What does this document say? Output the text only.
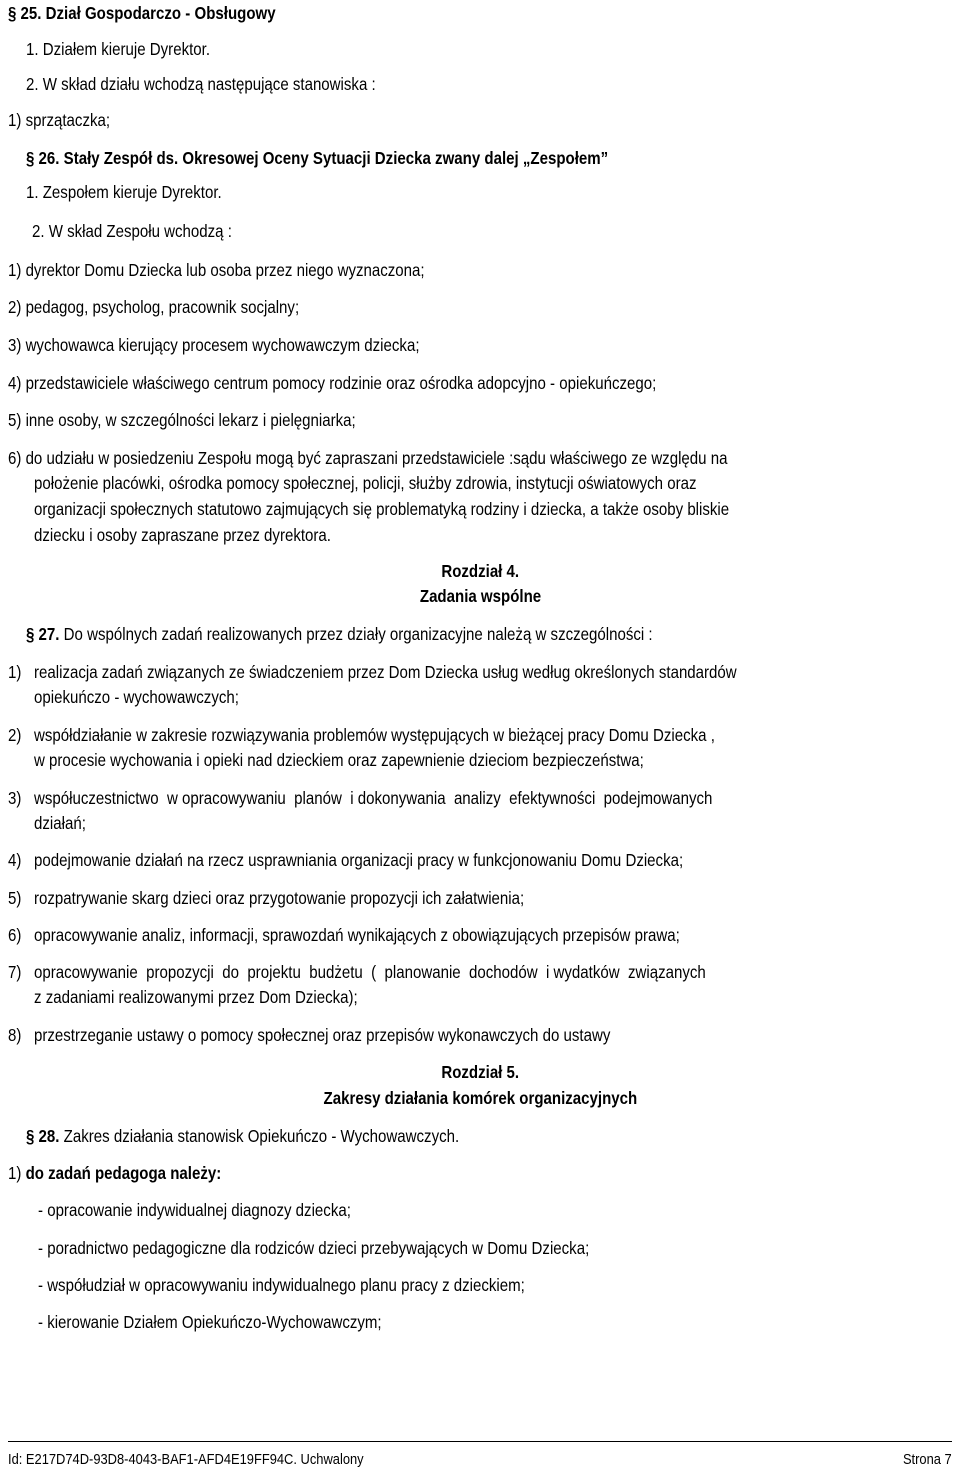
§ 25. Dział Gospodarczo - Obsługowy
1. Działem kieruje Dyrektor.
2. W skład działu wchodzą następujące stanowiska :
1) sprzątaczka;
§ 26. Stały Zespół ds. Okresowej Oceny Sytuacji Dziecka zwany dalej „Zespołem”
1. Zespołem kieruje Dyrektor.
2. W skład Zespołu wchodzą :
1) dyrektor Domu Dziecka lub osoba przez niego wyznaczona;
2) pedagog, psycholog, pracownik socjalny;
3) wychowawca kierujący procesem wychowawczym dziecka;
4) przedstawiciele właściwego centrum pomocy rodzinie oraz ośrodka adopcyjno - opiekuńczego;
5) inne osoby, w szczególności lekarz i pielęgniarka;
6) do udziału w posiedzeniu Zespołu mogą być zapraszani przedstawiciele :sądu właściwego ze względu na
położenie placówki, ośrodka pomocy społecznej, policji, służby zdrowia, instytucji oświatowych oraz
organizacji społecznych statutowo zajmujących się problematyką rodziny i dziecka, a także osoby bliskie
dziecku i osoby zapraszane przez dyrektora.
Rozdział 4.
Zadania wspólne
§ 27. Do wspólnych zadań realizowanych przez działy organizacyjne należą w szczególności :
1) realizacja zadań związanych ze świadczeniem przez Dom Dziecka usług według określonych standardów
opiekuńczo - wychowawczych;
2) współdziałanie w zakresie rozwiązywania problemów występujących w bieżącej pracy Domu Dziecka ,
w procesie wychowania i opieki nad dzieckiem oraz zapewnienie dzieciom bezpieczeństwa;
3) współuczestnictwo  w opracowywaniu  planów  i dokonywania  analizy  efektywności  podejmowanych
działań;
4) podejmowanie działań na rzecz usprawniania organizacji pracy w funkcjonowaniu Domu Dziecka;
5) rozpatrywanie skarg dzieci oraz przygotowanie propozycji ich załatwienia;
6) opracowywanie analiz, informacji, sprawozdań wynikających z obowiązujących przepisów prawa;
7) opracowywanie  propozycji  do  projektu  budżetu  (  planowanie  dochodów  i wydatków  związanych
z zadaniami realizowanymi przez Dom Dziecka);
8) przestrzeganie ustawy o pomocy społecznej oraz przepisów wykonawczych do ustawy
Rozdział 5.
Zakresy działania komórek organizacyjnych
§ 28. Zakres działania stanowisk Opiekuńczo - Wychowawczych.
1) do zadań pedagoga należy:
- opracowanie indywidualnej diagnozy dziecka;
- poradnictwo pedagogiczne dla rodziców dzieci przebywających w Domu Dziecka;
- współudział w opracowywaniu indywidualnego planu pracy z dzieckiem;
- kierowanie Działem Opiekuńczo-Wychowawczym;
Id: E217D74D-93D8-4043-BAF1-AFD4E19FF94C. Uchwalony	Strona 7
